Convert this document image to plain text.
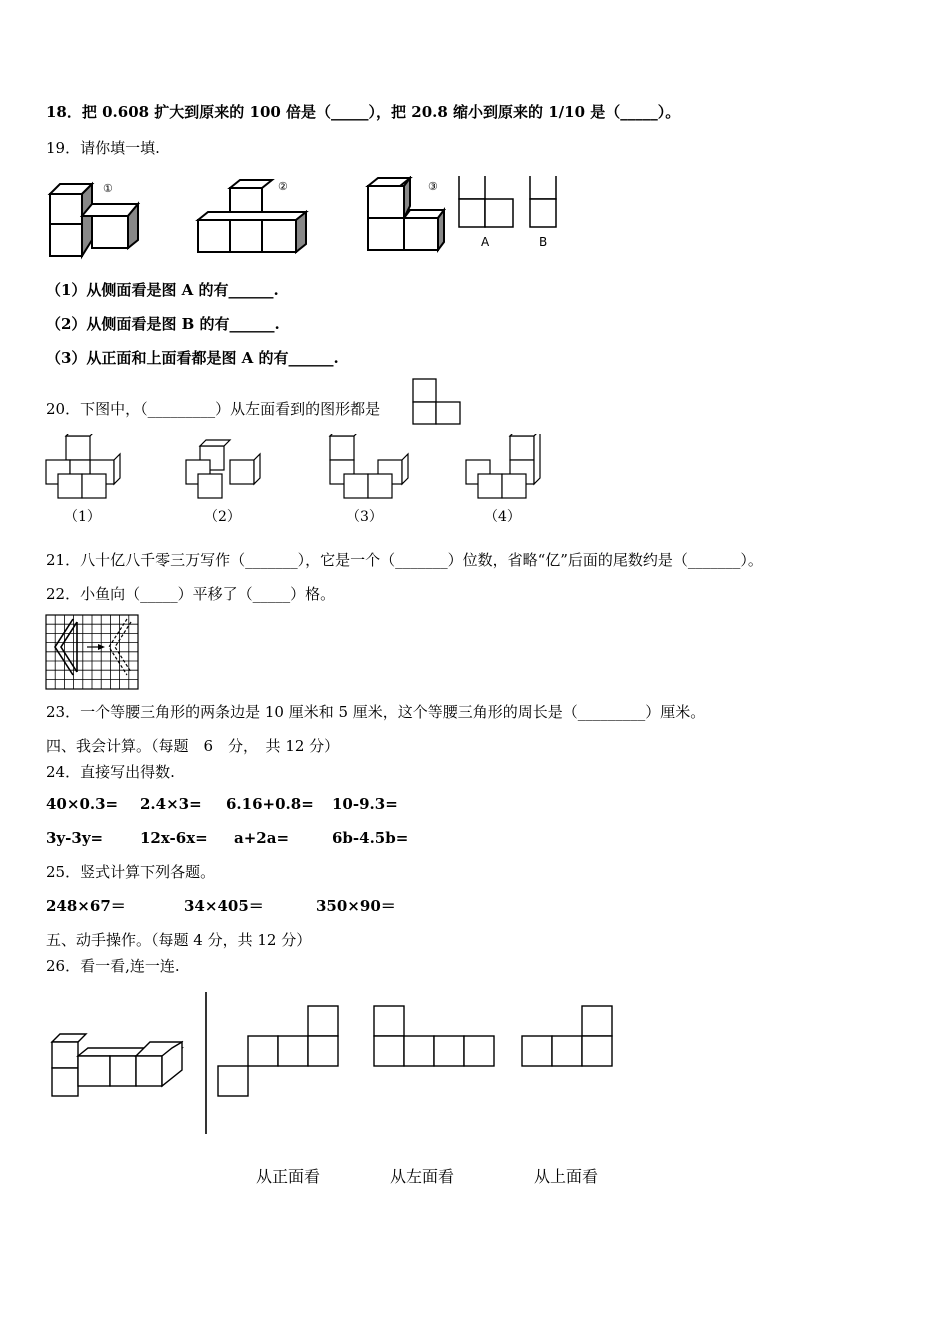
18．把 0.608 扩大到原来的 100 倍是（_____），把 20.8 缩小到原来的 1/10 是（_____）。
19．请你填一填.
①	②	③
A	B
（1）从侧面看是图 A 的有______.
（2）从侧面看是图 B 的有______.
（3）从正面和上面看都是图 A 的有______.
20．下图中，（_________）从左面看到的图形都是
（1）	（2）	（3）	（4）
21．八十亿八千零三万写作（_______），它是一个（_______）位数，省略“亿”后面的尾数约是（_______）。
22．小鱼向（_____）平移了（_____）格。
23．一个等腰三角形的两条边是 10 厘米和 5 厘米，这个等腰三角形的周长是（_________）厘米。
四、我会计算。（每题　6　分，　共 12 分）
24．直接写出得数.
40×0.3= 2.4×3= 6.16+0.8= 10-9.3=
3y-3y= 12x-6x= a+2a=	6b-4.5b=
25．竖式计算下列各题。
248×67＝	34×405＝	350×90＝
五、动手操作。（每题 4 分，共 12 分）
26．看一看,连一连.
从正面看	从左面看	从上面看
